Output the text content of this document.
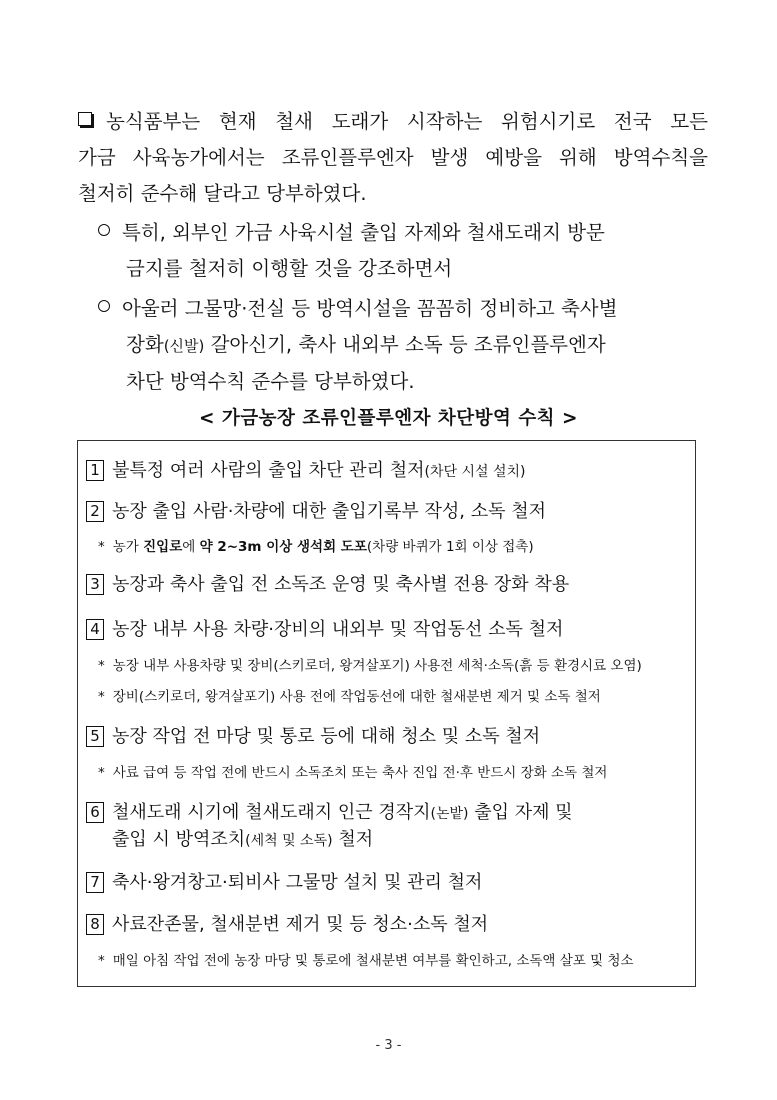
농식품부는 현재 철새 도래가 시작하는 위험시기로 전국 모든
가금 사육농가에서는 조류인플루엔자 발생 예방을 위해 방역수칙을
철저히 준수해 달라고 당부하였다.
특히, 외부인 가금 사육시설 출입 자제와 철새도래지 방문
금지를 철저히 이행할 것을 강조하면서
아울러 그물망·전실 등 방역시설을 꼼꼼히 정비하고 축사별
장화(신발) 갈아신기, 축사 내외부 소독 등 조류인플루엔자
차단 방역수칙 준수를 당부하였다.
< 가금농장 조류인플루엔자 차단방역 수칙 >
1 불특정 여러 사람의 출입 차단 관리 철저(차단 시설 설치)
2 농장 출입 사람·차량에 대한 출입기록부 작성, 소독 철저
* 농가 진입로에 약 2~3m 이상 생석회 도포(차량 바퀴가 1회 이상 접촉)
3 농장과 축사 출입 전 소독조 운영 및 축사별 전용 장화 착용
4 농장 내부 사용 차량·장비의 내외부 및 작업동선 소독 철저
* 농장 내부 사용차량 및 장비(스키로더, 왕겨살포기) 사용전 세척·소독(흙 등 환경시료 오염)
* 장비(스키로더, 왕겨살포기) 사용 전에 작업동선에 대한 철새분변 제거 및 소독 철저
5 농장 작업 전 마당 및 통로 등에 대해 청소 및 소독 철저
* 사료 급여 등 작업 전에 반드시 소독조치 또는 축사 진입 전·후 반드시 장화 소독 철저
6 철새도래 시기에 철새도래지 인근 경작지(논밭) 출입 자제 및
출입 시 방역조치(세척 및 소독) 철저
7 축사·왕겨창고·퇴비사 그물망 설치 및 관리 철저
8 사료잔존물, 철새분변 제거 및 등 청소·소독 철저
* 매일 아침 작업 전에 농장 마당 및 통로에 철새분변 여부를 확인하고, 소독액 살포 및 청소
- 3 -
